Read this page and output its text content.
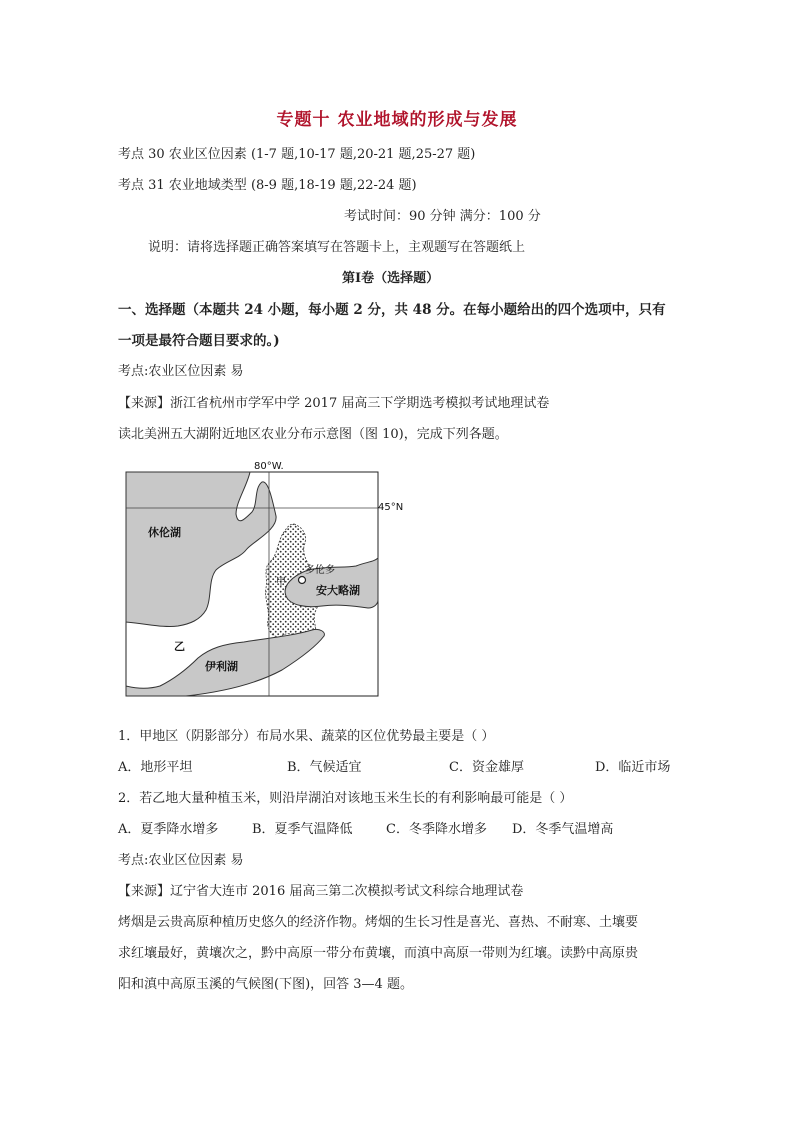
专题十 农业地域的形成与发展
考点 30 农业区位因素 (1-7 题,10-17 题,20-21 题,25-27 题)
考点 31 农业地域类型 (8-9 题,18-19 题,22-24 题)
考试时间：90 分钟 满分：100 分
说明：请将选择题正确答案填写在答题卡上，主观题写在答题纸上
第Ⅰ卷（选择题）
一、选择题（本题共 24 小题，每小题 2 分，共 48 分。在每小题给出的四个选项中，只有
一项是最符合题目要求的。)
考点:农业区位因素 易
【来源】浙江省杭州市学军中学 2017 届高三下学期选考模拟考试地理试卷
读北美洲五大湖附近地区农业分布示意图（图 10)，完成下列各题。
80°W.
45°N
休伦湖
安大略湖
伊利湖
多伦多
甲
乙
1．甲地区（阴影部分）布局水果、蔬菜的区位优势最主要是（ ）
A．地形平坦	B．气候适宜	C．资金雄厚	D．临近市场
2．若乙地大量种植玉米，则沿岸湖泊对该地玉米生长的有利影响最可能是（ ）
A．夏季降水增多	B．夏季气温降低	C．冬季降水增多 D．冬季气温增高
考点:农业区位因素 易
【来源】辽宁省大连市 2016 届高三第二次模拟考试文科综合地理试卷
烤烟是云贵高原种植历史悠久的经济作物。烤烟的生长习性是喜光、喜热、不耐寒、土壤要
求红壤最好，黄壤次之，黔中高原一带分布黄壤，而滇中高原一带则为红壤。读黔中高原贵
阳和滇中高原玉溪的气候图(下图)，回答 3—4 题。
